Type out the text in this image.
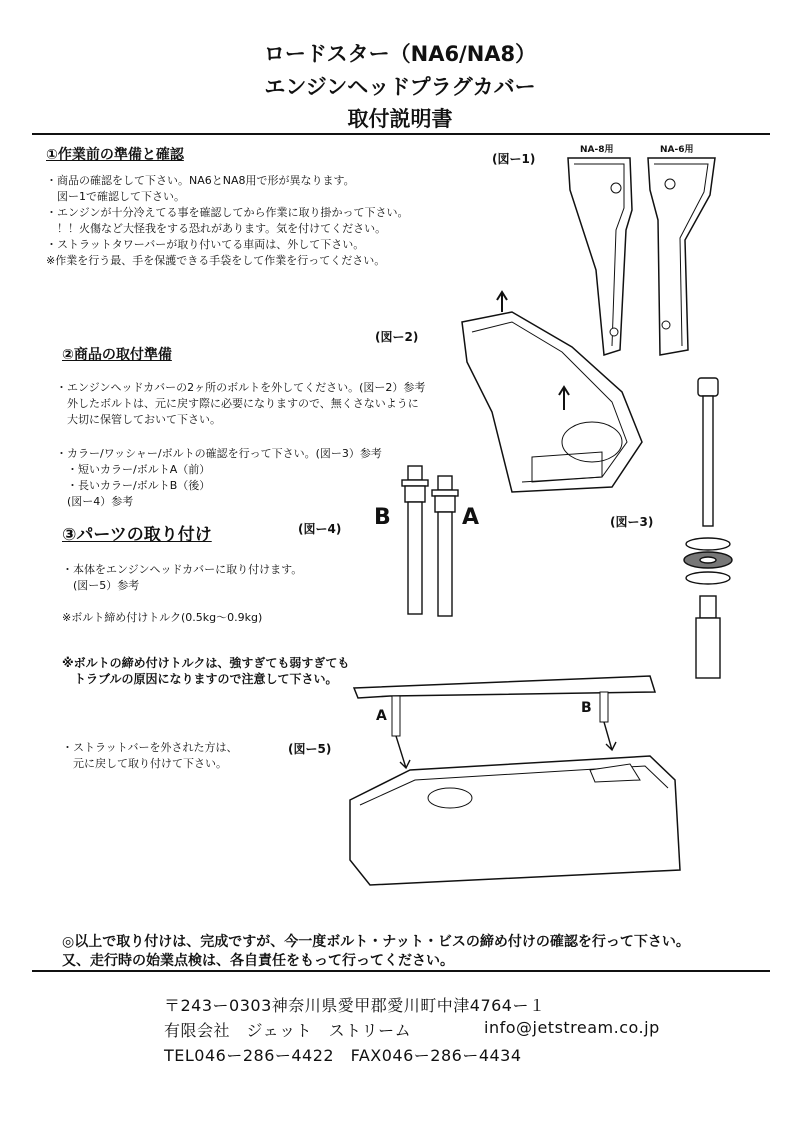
ロードスター（NA6/NA8）
エンジンヘッドプラグカバー
取付説明書
①作業前の準備と確認
・商品の確認をして下さい。NA6とNA8用で形が異なります。
　図ー1で確認して下さい。
・エンジンが十分冷えてる事を確認してから作業に取り掛かって下さい。
　！！火傷など大怪我をする恐れがあります。気を付けてください。
・ストラットタワーバーが取り付いてる車両は、外して下さい。
※作業を行う最、手を保護できる手袋をして作業を行ってください。
(図ー1)
NA-8用	NA-6用
(図ー2)
②商品の取付準備
・エンジンヘッドカバーの2ヶ所のボルトを外してください。(図ー2）参考
　外したボルトは、元に戻す際に必要になりますので、無くさないように
　大切に保管しておいて下さい。
・カラー/ワッシャー/ボルトの確認を行って下さい。(図ー3）参考
　・短いカラー/ボルトA（前）
　・長いカラー/ボルトB（後）
　(図ー4）参考
(図ー4) B	A	(図ー3)
③パーツの取り付け
・本体をエンジンヘッドカバーに取り付けます。
　(図ー5）参考
※ボルト締め付けトルク(0.5kg〜0.9kg)
※ボルトの締め付けトルクは、強すぎても弱すぎても
　トラブルの原因になりますので注意して下さい。
・ストラットバーを外された方は、
　元に戻して取り付けて下さい。
(図ー5)
A	B
◎以上で取り付けは、完成ですが、今一度ボルト・ナット・ビスの締め付けの確認を行って下さい。
又、走行時の始業点検は、各自責任をもって行ってください。
〒243ー0303神奈川県愛甲郡愛川町中津4764ー１
有限会社　ジェット　ストリーム	info@jetstream.co.jp
TEL046ー286ー4422　FAX046ー286ー4434
